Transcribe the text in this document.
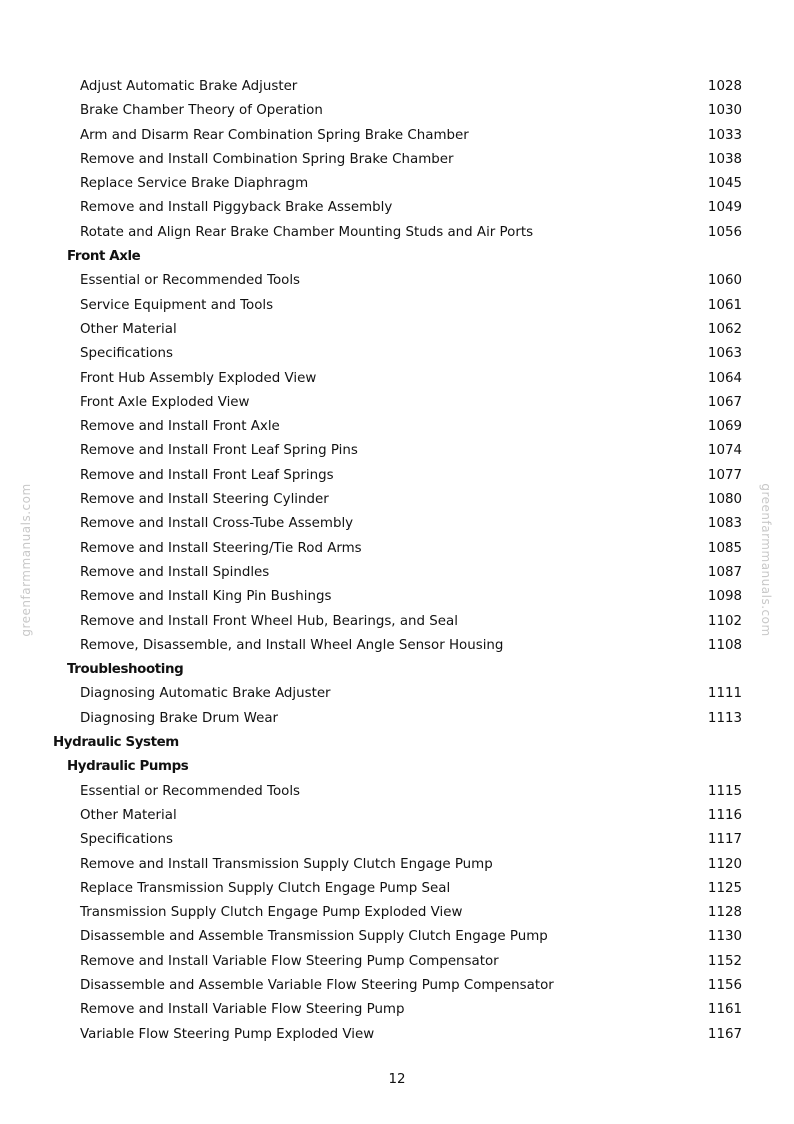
greenfarmmanuals.com	greenfarmmanuals.com
Adjust Automatic Brake Adjuster	1028
Brake Chamber Theory of Operation	1030
Arm and Disarm Rear Combination Spring Brake Chamber	1033
Remove and Install Combination Spring Brake Chamber	1038
Replace Service Brake Diaphragm	1045
Remove and Install Piggyback Brake Assembly	1049
Rotate and Align Rear Brake Chamber Mounting Studs and Air Ports	1056
Front Axle
Essential or Recommended Tools	1060
Service Equipment and Tools	1061
Other Material	1062
Specifications	1063
Front Hub Assembly Exploded View	1064
Front Axle Exploded View	1067
Remove and Install Front Axle	1069
Remove and Install Front Leaf Spring Pins	1074
Remove and Install Front Leaf Springs	1077
Remove and Install Steering Cylinder	1080
Remove and Install Cross-Tube Assembly	1083
Remove and Install Steering/Tie Rod Arms	1085
Remove and Install Spindles	1087
Remove and Install King Pin Bushings	1098
Remove and Install Front Wheel Hub, Bearings, and Seal	1102
Remove, Disassemble, and Install Wheel Angle Sensor Housing	1108
Troubleshooting
Diagnosing Automatic Brake Adjuster	1111
Diagnosing Brake Drum Wear	1113
Hydraulic System
Hydraulic Pumps
Essential or Recommended Tools	1115
Other Material	1116
Specifications	1117
Remove and Install Transmission Supply Clutch Engage Pump	1120
Replace Transmission Supply Clutch Engage Pump Seal	1125
Transmission Supply Clutch Engage Pump Exploded View	1128
Disassemble and Assemble Transmission Supply Clutch Engage Pump	1130
Remove and Install Variable Flow Steering Pump Compensator	1152
Disassemble and Assemble Variable Flow Steering Pump Compensator	1156
Remove and Install Variable Flow Steering Pump	1161
Variable Flow Steering Pump Exploded View	1167
12
